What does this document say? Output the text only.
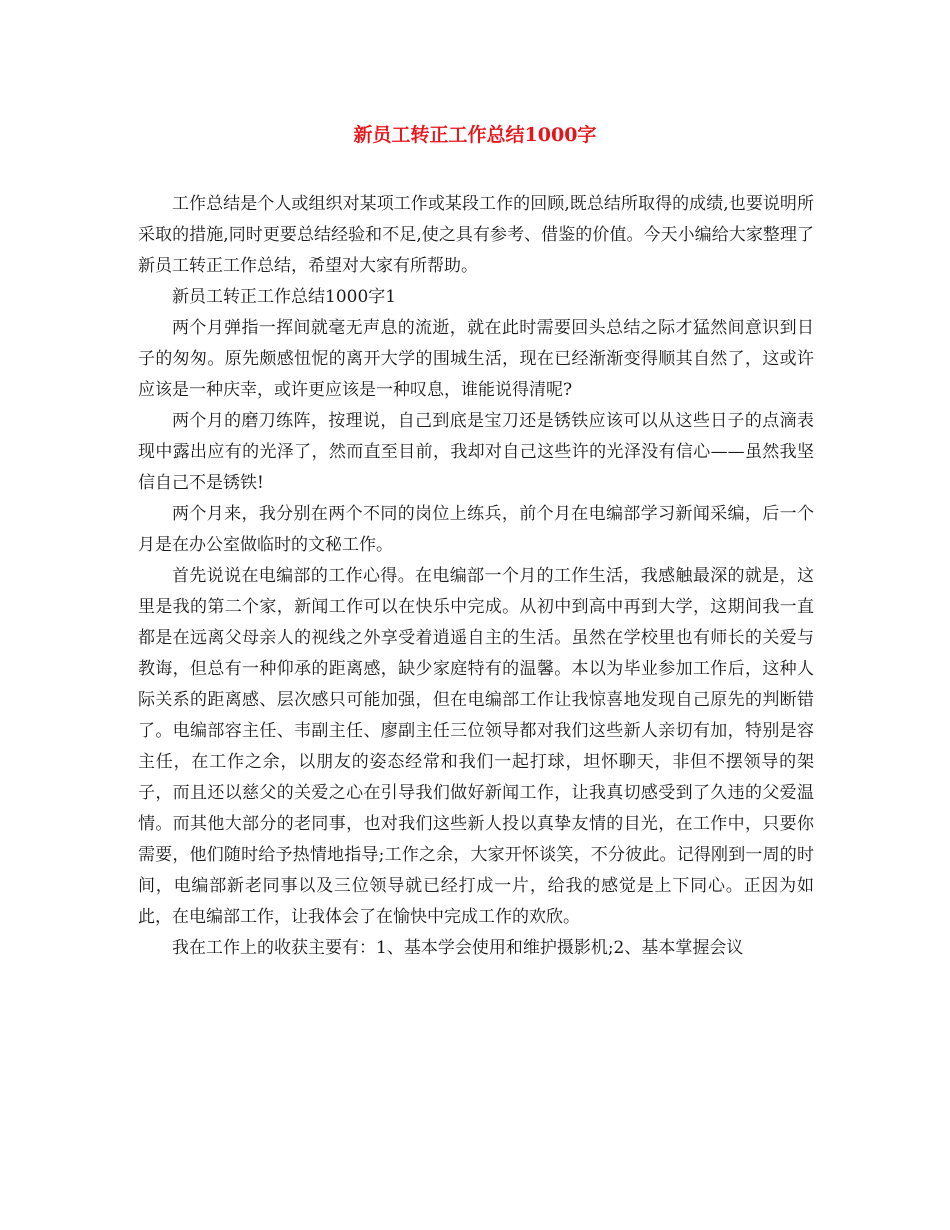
新员工转正工作总结1000字

工作总结是个人或组织对某项工作或某段工作的回顾,既总结所取得的成绩,也要说明所采取的措施,同时更要总结经验和不足,使之具有参考、借鉴的价值。今天小编给大家整理了新员工转正工作总结，希望对大家有所帮助。

新员工转正工作总结1000字1

两个月弹指一挥间就毫无声息的流逝，就在此时需要回头总结之际才猛然间意识到日子的匆匆。原先颇感忸怩的离开大学的围城生活，现在已经渐渐变得顺其自然了，这或许应该是一种庆幸，或许更应该是一种叹息，谁能说得清呢?

两个月的磨刀练阵，按理说，自己到底是宝刀还是锈铁应该可以从这些日子的点滴表现中露出应有的光泽了，然而直至目前，我却对自己这些许的光泽没有信心——虽然我坚信自己不是锈铁!

两个月来，我分别在两个不同的岗位上练兵，前个月在电编部学习新闻采编，后一个月是在办公室做临时的文秘工作。

首先说说在电编部的工作心得。在电编部一个月的工作生活，我感触最深的就是，这里是我的第二个家，新闻工作可以在快乐中完成。从初中到高中再到大学，这期间我一直都是在远离父母亲人的视线之外享受着逍遥自主的生活。虽然在学校里也有师长的关爱与教诲，但总有一种仰承的距离感，缺少家庭特有的温馨。本以为毕业参加工作后，这种人际关系的距离感、层次感只可能加强，但在电编部工作让我惊喜地发现自己原先的判断错了。电编部容主任、韦副主任、廖副主任三位领导都对我们这些新人亲切有加，特别是容主任，在工作之余，以朋友的姿态经常和我们一起打球，坦怀聊天，非但不摆领导的架子，而且还以慈父的关爱之心在引导我们做好新闻工作，让我真切感受到了久违的父爱温情。而其他大部分的老同事，也对我们这些新人投以真挚友情的目光，在工作中，只要你需要，他们随时给予热情地指导;工作之余，大家开怀谈笑，不分彼此。记得刚到一周的时间，电编部新老同事以及三位领导就已经打成一片，给我的感觉是上下同心。正因为如此，在电编部工作，让我体会了在愉快中完成工作的欢欣。

我在工作上的收获主要有：1、基本学会使用和维护摄影机;2、基本掌握会议
